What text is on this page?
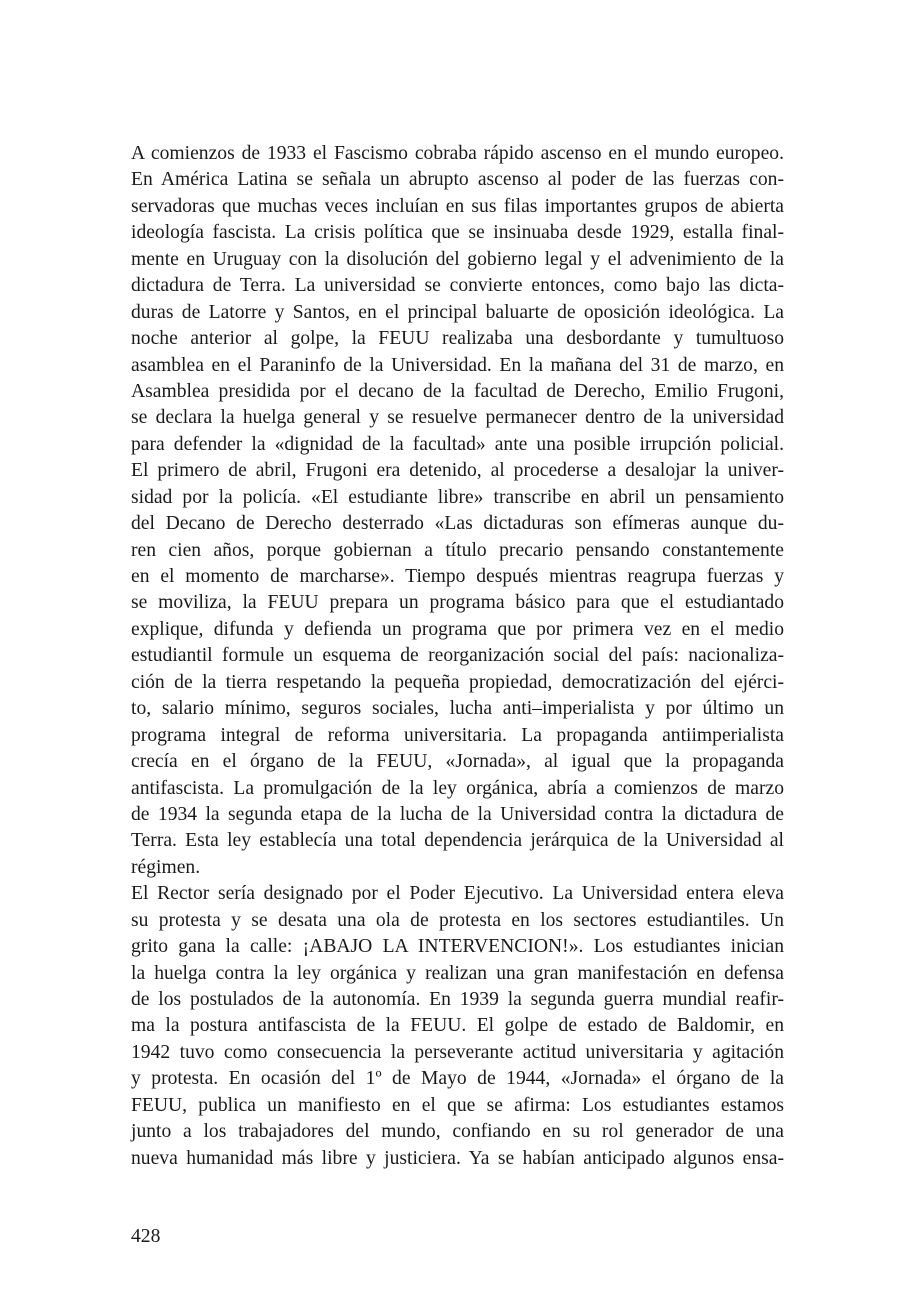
A comienzos de 1933 el Fascismo cobraba rápido ascenso en el mundo europeo.
En América Latina se señala un abrupto ascenso al poder de las fuerzas con-
servadoras que muchas veces incluían en sus filas importantes grupos de abierta
ideología fascista. La crisis política que se insinuaba desde 1929, estalla final-
mente en Uruguay con la disolución del gobierno legal y el advenimiento de la
dictadura de Terra. La universidad se convierte entonces, como bajo las dicta-
duras de Latorre y Santos, en el principal baluarte de oposición ideológica. La
noche anterior al golpe, la FEUU realizaba una desbordante y tumultuoso
asamblea en el Paraninfo de la Universidad. En la mañana del 31 de marzo, en
Asamblea presidida por el decano de la facultad de Derecho, Emilio Frugoni,
se declara la huelga general y se resuelve permanecer dentro de la universidad
para defender la «dignidad de la facultad» ante una posible irrupción policial.
El primero de abril, Frugoni era detenido, al procederse a desalojar la univer-
sidad por la policía. «El estudiante libre» transcribe en abril un pensamiento
del Decano de Derecho desterrado «Las dictaduras son efímeras aunque du-
ren cien años, porque gobiernan a título precario pensando constantemente
en el momento de marcharse». Tiempo después mientras reagrupa fuerzas y
se moviliza, la FEUU prepara un programa básico para que el estudiantado
explique, difunda y defienda un programa que por primera vez en el medio
estudiantil formule un esquema de reorganización social del país: nacionaliza-
ción de la tierra respetando la pequeña propiedad, democratización del ejérci-
to, salario mínimo, seguros sociales, lucha anti–imperialista y por último un
programa integral de reforma universitaria. La propaganda antiimperialista
crecía en el órgano de la FEUU, «Jornada», al igual que la propaganda
antifascista. La promulgación de la ley orgánica, abría a comienzos de marzo
de 1934 la segunda etapa de la lucha de la Universidad contra la dictadura de
Terra. Esta ley establecía una total dependencia jerárquica de la Universidad al
régimen.
El Rector sería designado por el Poder Ejecutivo. La Universidad entera eleva
su protesta y se desata una ola de protesta en los sectores estudiantiles. Un
grito gana la calle: ¡ABAJO LA INTERVENCION!». Los estudiantes inician
la huelga contra la ley orgánica y realizan una gran manifestación en defensa
de los postulados de la autonomía. En 1939 la segunda guerra mundial reafir-
ma la postura antifascista de la FEUU. El golpe de estado de Baldomir, en
1942 tuvo como consecuencia la perseverante actitud universitaria y agitación
y protesta. En ocasión del 1º de Mayo de 1944, «Jornada» el órgano de la
FEUU, publica un manifiesto en el que se afirma: Los estudiantes estamos
junto a los trabajadores del mundo, confiando en su rol generador de una
nueva humanidad más libre y justiciera. Ya se habían anticipado algunos ensa-
428
